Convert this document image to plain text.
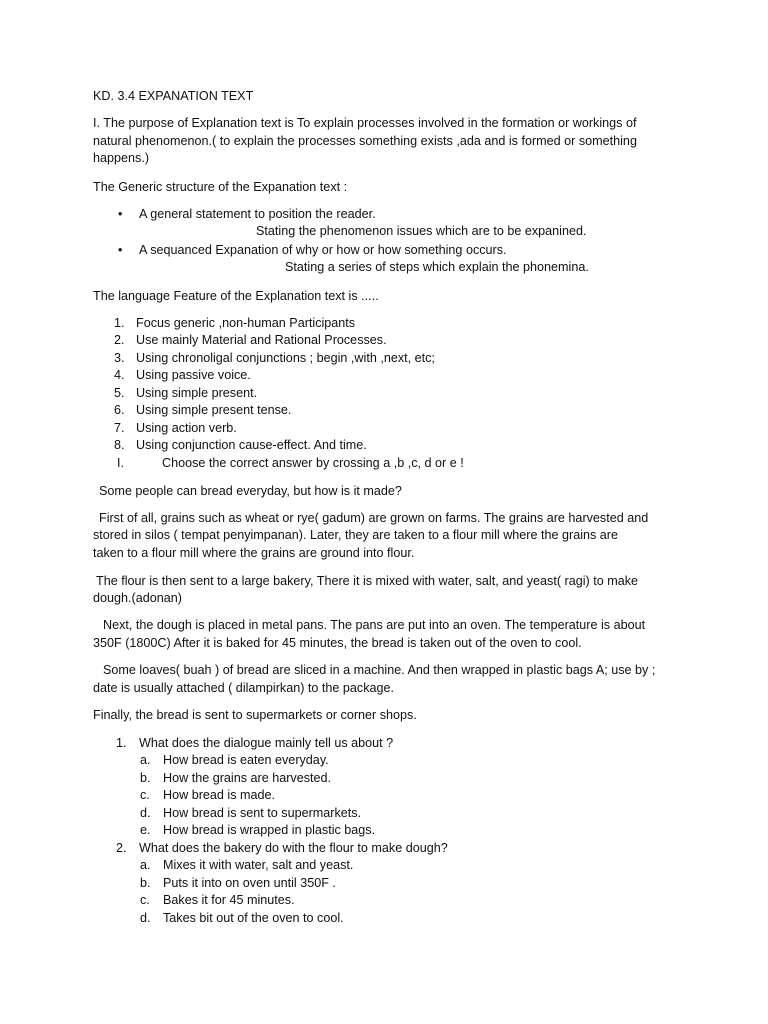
KD. 3.4 EXPANATION TEXT
I. The purpose of Explanation text is To explain processes involved in the formation or workings of
natural phenomenon.( to explain the processes something exists ,ada and is formed or something
happens.)
The Generic structure of the Expanation text :
• A general statement to position the reader.
Stating the phenomenon issues which are to be expanined.
• A sequanced Expanation of why or how or how something occurs.
Stating a series of steps which explain the phonemina.
The language Feature of the Explanation text is .....
1. Focus generic ,non-human Participants
2. Use mainly Material and Rational Processes.
3. Using chronoligal conjunctions ; begin ,with ,next, etc;
4. Using passive voice.
5. Using simple present.
6. Using simple present tense.
7. Using action verb.
8. Using conjunction cause-effect. And time.
I.	Choose the correct answer by crossing a ,b ,c, d or e !
Some people can bread everyday, but how is it made?
First of all, grains such as wheat or rye( gadum) are grown on farms. The grains are harvested and
stored in silos ( tempat penyimpanan). Later, they are taken to a flour mill where the grains are
taken to a flour mill where the grains are ground into flour.
The flour is then sent to a large bakery, There it is mixed with water, salt, and yeast( ragi) to make
dough.(adonan)
Next, the dough is placed in metal pans. The pans are put into an oven. The temperature is about
350F (1800C) After it is baked for 45 minutes, the bread is taken out of the oven to cool.
Some loaves( buah ) of bread are sliced in a machine. And then wrapped in plastic bags A; use by ;
date is usually attached ( dilampirkan) to the package.
Finally, the bread is sent to supermarkets or corner shops.
1. What does the dialogue mainly tell us about ?
a. How bread is eaten everyday.
b. How the grains are harvested.
c. How bread is made.
d. How bread is sent to supermarkets.
e. How bread is wrapped in plastic bags.
2. What does the bakery do with the flour to make dough?
a. Mixes it with water, salt and yeast.
b. Puts it into on oven until 350F .
c. Bakes it for 45 minutes.
d. Takes bit out of the oven to cool.
